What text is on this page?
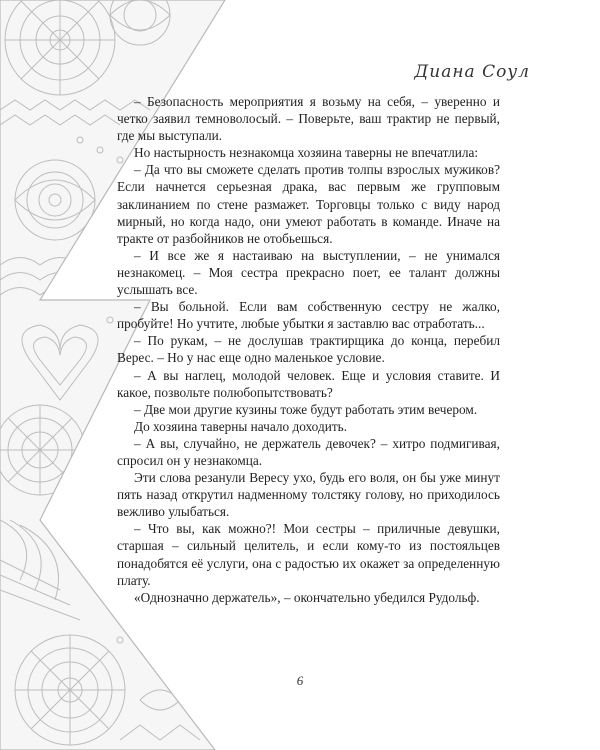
Диана Соул

– Безопасность мероприятия я возьму на себя, – уверенно и четко заявил темноволосый. – Поверьте, ваш трактир не первый, где мы выступали.

Но настырность незнакомца хозяина таверны не впечатлила:

– Да что вы сможете сделать против толпы взрослых мужиков? Если начнется серьезная драка, вас первым же групповым заклинанием по стене размажет. Торговцы только с виду народ мирный, но когда надо, они умеют работать в команде. Иначе на тракте от разбойников не отобьешься.

– И все же я настаиваю на выступлении, – не унимался незнакомец. – Моя сестра прекрасно поет, ее талант должны услышать все.

– Вы больной. Если вам собственную сестру не жалко, пробуйте! Но учтите, любые убытки я заставлю вас отработать...

– По рукам, – не дослушав трактирщика до конца, перебил Верес. – Но у нас еще одно маленькое условие.

– А вы наглец, молодой человек. Еще и условия ставите. И какое, позвольте полюбопытствовать?

– Две мои другие кузины тоже будут работать этим вечером.

До хозяина таверны начало доходить.

– А вы, случайно, не держатель девочек? – хитро подмигивая, спросил он у незнакомца.

Эти слова резанули Вересу ухо, будь его воля, он бы уже минут пять назад открутил надменному толстяку голову, но приходилось вежливо улыбаться.

– Что вы, как можно?! Мои сестры – приличные девушки, старшая – сильный целитель, и если кому-то из постояльцев понадобятся её услуги, она с радостью их окажет за определенную плату.

«Однозначно держатель», – окончательно убедился Рудольф.

6
